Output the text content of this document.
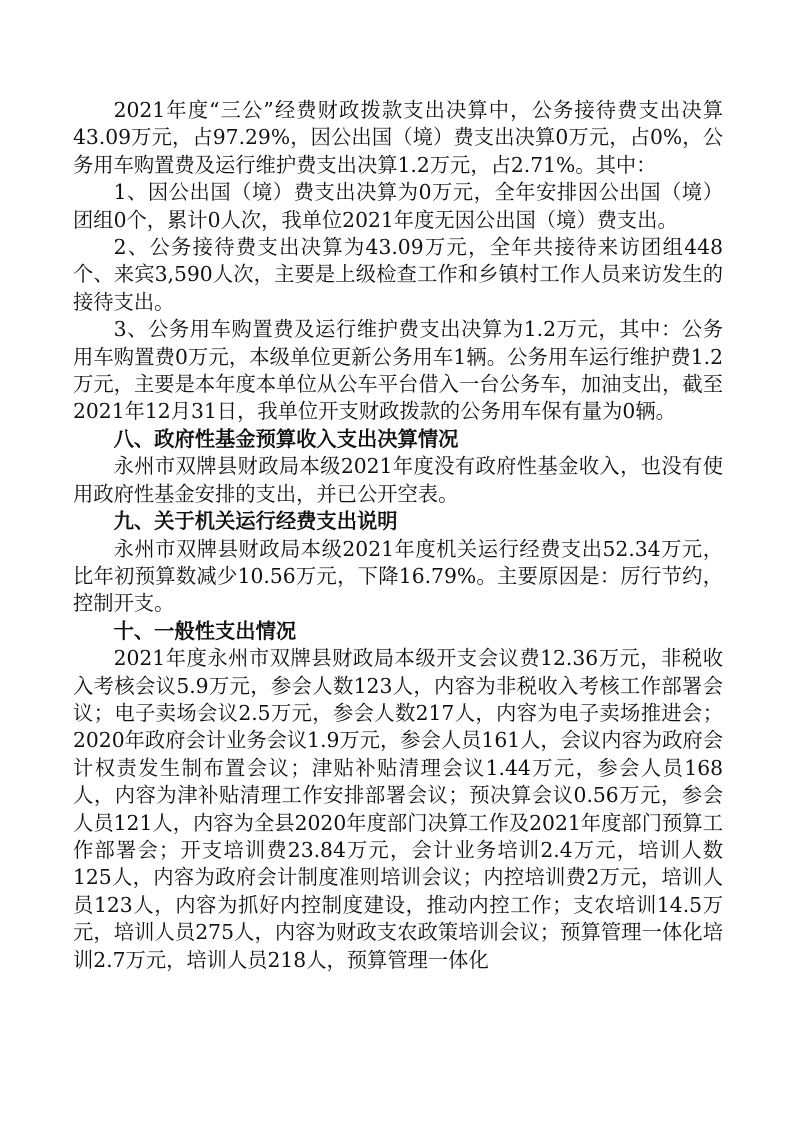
2021年度“三公”经费财政拨款支出决算中，公务接待费支出决算43.09万元，占97.29%，因公出国（境）费支出决算0万元，占0%，公务用车购置费及运行维护费支出决算1.2万元，占2.71%。其中：

1、因公出国（境）费支出决算为0万元，全年安排因公出国（境）团组0个，累计0人次，我单位2021年度无因公出国（境）费支出。

2、公务接待费支出决算为43.09万元，全年共接待来访团组448个、来宾3,590人次，主要是上级检查工作和乡镇村工作人员来访发生的接待支出。

3、公务用车购置费及运行维护费支出决算为1.2万元，其中：公务用车购置费0万元，本级单位更新公务用车1辆。公务用车运行维护费1.2万元，主要是本年度本单位从公车平台借入一台公务车，加油支出，截至2021年12月31日，我单位开支财政拨款的公务用车保有量为0辆。

八、政府性基金预算收入支出决算情况

永州市双牌县财政局本级2021年度没有政府性基金收入，也没有使用政府性基金安排的支出，并已公开空表。

九、关于机关运行经费支出说明

永州市双牌县财政局本级2021年度机关运行经费支出52.34万元，比年初预算数减少10.56万元，下降16.79%。主要原因是：厉行节约，控制开支。

十、一般性支出情况

2021年度永州市双牌县财政局本级开支会议费12.36万元，非税收入考核会议5.9万元，参会人数123人，内容为非税收入考核工作部署会议；电子卖场会议2.5万元，参会人数217人，内容为电子卖场推进会；2020年政府会计业务会议1.9万元，参会人员161人，会议内容为政府会计权责发生制布置会议；津贴补贴清理会议1.44万元，参会人员168人，内容为津补贴清理工作安排部署会议；预决算会议0.56万元，参会人员121人，内容为全县2020年度部门决算工作及2021年度部门预算工作部署会；开支培训费23.84万元，会计业务培训2.4万元，培训人数125人，内容为政府会计制度准则培训会议；内控培训费2万元，培训人员123人，内容为抓好内控制度建设，推动内控工作；支农培训14.5万元，培训人员275人，内容为财政支农政策培训会议；预算管理一体化培训2.7万元，培训人员218人，预算管理一体化
